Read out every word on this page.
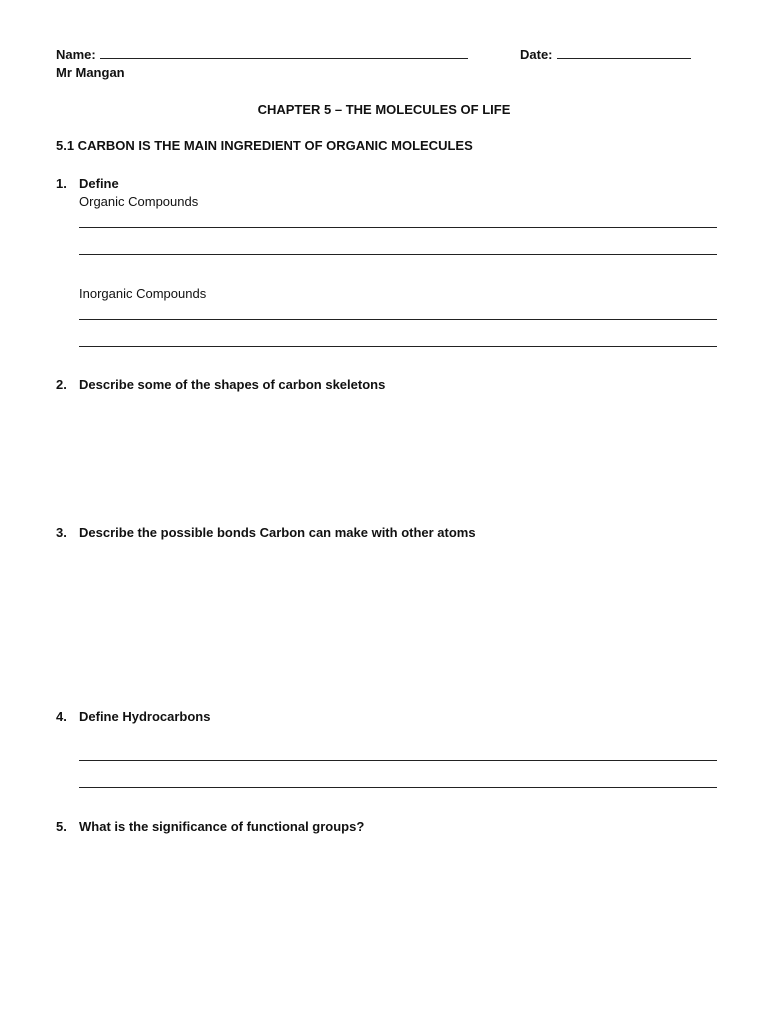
Name:	Date:
Mr Mangan
CHAPTER 5 – THE MOLECULES OF LIFE
5.1 CARBON IS THE MAIN INGREDIENT OF ORGANIC MOLECULES
1. Define
Organic Compounds
Inorganic Compounds
2. Describe some of the shapes of carbon skeletons
3. Describe the possible bonds Carbon can make with other atoms
4. Define Hydrocarbons
5. What is the significance of functional groups?
